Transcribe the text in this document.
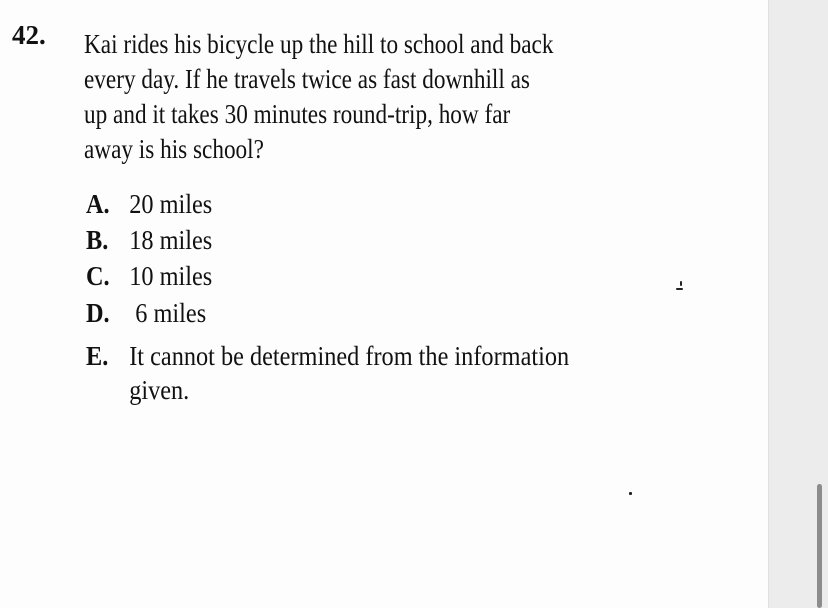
42. Kai rides his bicycle up the hill to school and back
every day. If he travels twice as fast downhill as
up and it takes 30 minutes round-trip, how far
away is his school?
A. 20 miles
B. 18 miles
C. 10 miles
D. 6 miles
E. It cannot be determined from the information
given.
